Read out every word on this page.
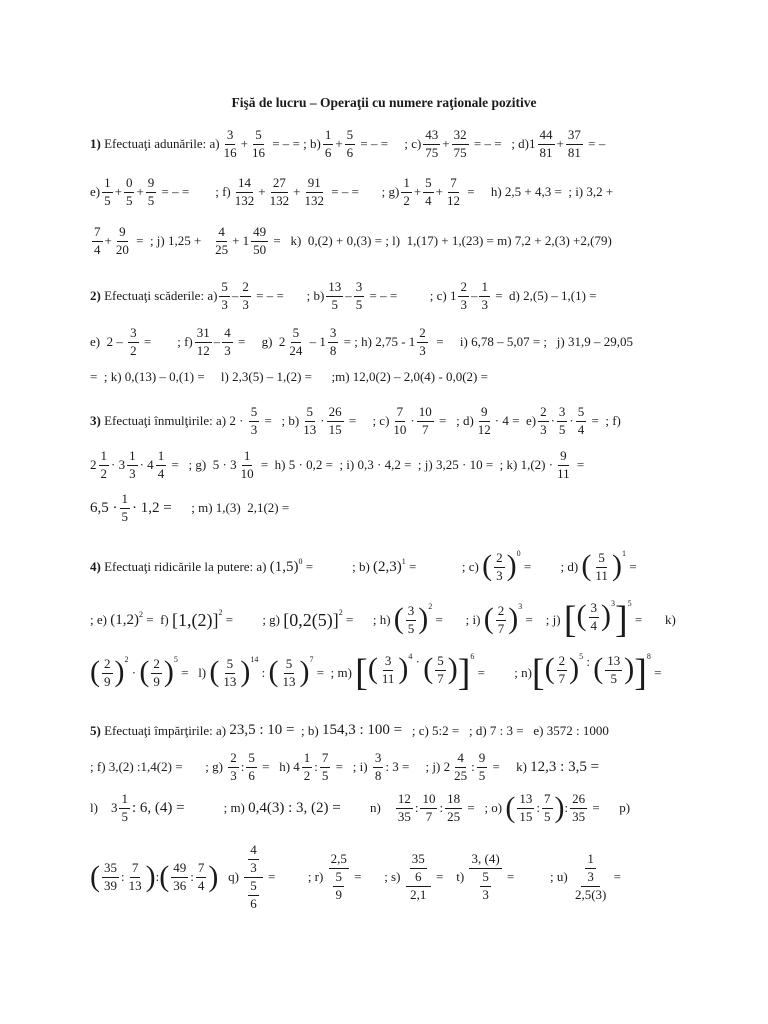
Fişă de lucru – Operaţii cu numere raţionale pozitive
1)
Efectuaţi adunările: $a) \frac{3}{16} + \frac{5}{16}$ = – = ; $b) \frac{1}{6} + \frac{5}{6}$ = – = ; $c) \frac{43}{75} + \frac{32}{75}$ = – = ; d) $1 \frac{44}{81} + \frac{37}{81}$ = –
$e) \frac{1}{5} + \frac{0}{5} + \frac{9}{5}$ = – = ; $f) \frac{14}{132} + \frac{27}{132} + \frac{91}{132}$ = – = ; $g) \frac{1}{2} + \frac{5}{4} + \frac{7}{12} = h$) 2,5 + 4,3 =  ; i) 3,2 +
$\frac{7}{4} + \frac{9}{20}$ = ; j) 1,25 +
$\frac{4}{25} + 1 \frac{49}{50} = k$)  0,(2) + 0,(3) = ; l)  1,(17) + 1,(23) = m) 7,2 + 2,(3) +2,(79)
2)
Efectuaţi scăderile: $a) \frac{5}{3} - \frac{2}{3}$ = – = ; $b) \frac{13}{5} - \frac{3}{5}$ = – = ; c) $1 \frac{2}{3} - \frac{1}{3} = d$) 2,(5) – 1,(1) =
e) $2 - \frac{3}{2}$ = ; $f) \frac{31}{12} - \frac{4}{3} = g$) $2 \frac{5}{24} - 1 \frac{3}{8}$ = ; h) $2,75 - 1 \frac{2}{3} = i$) 6,78 – 5,07 = ;   j) 31,9 – 29,05
=  ; k) 0,(13) – 0,(1) =     l) 2,3(5) – 1,(2) =      ;m) 12,0(2) – 2,0(4) - 0,0(2) =
3)
Efectuaţi înmulţirile: a) $2 \cdot \frac{5}{3}$ = ; $b) \frac{5}{13} \cdot \frac{26}{15}$ = ; $c) \frac{7}{10} \cdot \frac{10}{7}$ = ; $d) \frac{9}{12} \cdot 4 = e) \frac{2}{3} \cdot \frac{3}{5} \cdot \frac{5}{4}$ = ; f)
$2 \frac{1}{2} \cdot 3 \frac{1}{3} \cdot 4 \frac{1}{4}$ = ; g) $5 \cdot 3 \frac{1}{10} = h$)
5 · 0,2 =
; i)
0,3 · 4,2 =
; j)
3,25 · 10 =
; k) $1,(2) \cdot \frac{9}{11}$ =
$6,5 \cdot \frac{1}{5} \cdot 1,2$ =
; m) 1,(3)
2,1(2) =
4)
Efectuaţi ridicările la putere: a)
$(1,5)^0$ = ; b)
$(2,3)^1$ = ; c)
( $\frac{2}{3} )^0$
= ; d)
( $\frac{5}{11} )^1$
=
; e)
$(1,2)^2 = f$)
$[1,(2)]^2$ = ; g)
$[0,2(5)]^2$ = ; h)
( $\frac{3}{5} )^2$
= ; i)
( $\frac{2}{7} )^3$
= ; j)
[ ( $\frac{3}{4} )^3$ ]$^5$
= k)
( $\frac{2}{9} )^2$
· ( $\frac{2}{9} )^5$
= l)
( $\frac{5}{13} )^{14}$
: ( $\frac{5}{13} )^7$
= ; m)
[ ( $\frac{3}{11} )^4$ · ( $\frac{5}{7}$ ) ]$^6$
= ; n) [ ( $\frac{2}{7} )^5$ : ( $\frac{13}{5}$ ) ]$^8$
=
5)
Efectuaţi împărţirile: a)
23,5 : 10 =
; b)
154,3 : 100 =
; c) 5:2 =   ; d) 7 : 3 =   e) 3572 : 1000
; f) 3,(2) :1,4(2) =
; g)
$\frac{2}{3}$ : $\frac{5}{6} = h$) $4 \frac{1}{2}$ : $\frac{7}{5}$ = ; i)
$\frac{3}{8}$ : 3 = ; j) $2 \frac{4}{25}$ : $\frac{9}{5} = k$)
12,3 : 3,5 =
l) $3 \frac{1}{5}$ : 6, (4) =
	; m)
0,4(3) : 3, (2) =
n)
$\frac{12}{35}$ : $\frac{10}{7}$ : $\frac{18}{25}$ = ; o)
( $\frac{13}{15}$ : $\frac{7}{5}$ ) : $\frac{26}{35} = p$)
( $\frac{35}{39}$ : $\frac{7}{13}$ ) : ( $\frac{49}{36}$ : $\frac{7}{4}$ )
q)
$\frac{\frac{4}{3}}{\frac{5}{6}}$ = ; r)
$\frac{2,5}{\frac{5}{9}}$ = ; s)
$\frac{\frac{35}{6}}{2,1} = t$)
$\frac{3, (4)}{\frac{5}{3}}$ = ; u)
$\frac{\frac{1}{3}}{2,5(3)}$ =
